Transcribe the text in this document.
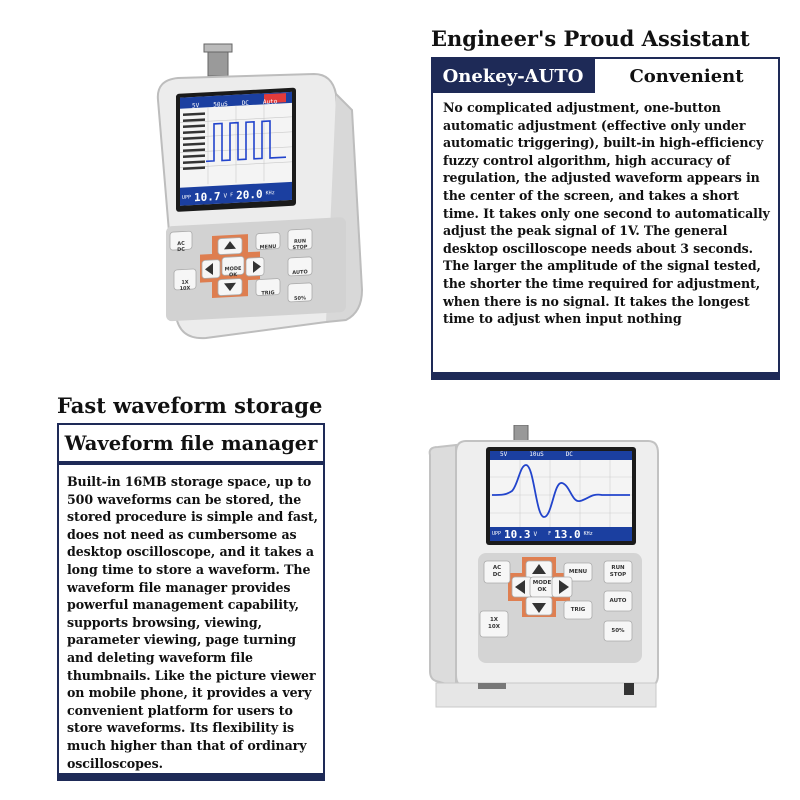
Engineer's Proud Assistant
Onekey-AUTO	Convenient
No complicated adjustment, one-button automatic adjustment (effective only under automatic triggering), built-in high-efficiency fuzzy control algorithm, high accuracy of regulation, the adjusted waveform appears in the center of the screen, and takes a short time. It takes only one second to automatically adjust the peak signal of 1V. The general desktop oscilloscope needs about 3 seconds. The larger the amplitude of the signal tested, the shorter the time required for adjustment, when there is no signal. It takes the longest time to adjust when input nothing
Fast waveform storage
Waveform file manager
Built-in 16MB storage space, up to 500 waveforms can be stored, the stored procedure is simple and fast, does not need as cumbersome as desktop oscilloscope, and it takes a long time to store a waveform. The waveform file manager provides powerful management capability, supports browsing, viewing, parameter viewing, page turning and deleting waveform file thumbnails. Like the picture viewer on mobile phone, it provides a very convenient platform for users to store waveforms. Its flexibility is much higher than that of ordinary oscilloscopes.
5V 50uS DC Auto
UPP 10.7 V F 20.0 KHz
AC
DC	MENU
RUN
STOP
MODE
OK
1X
10X
AUTO
TRIG
50%
5V	10uS	DC
UPP 10.3 V F 13.0 KHz
AC
DC	MENU
RUN
STOP
MODE
OK
1X
10X
AUTO
TRIG
50%
